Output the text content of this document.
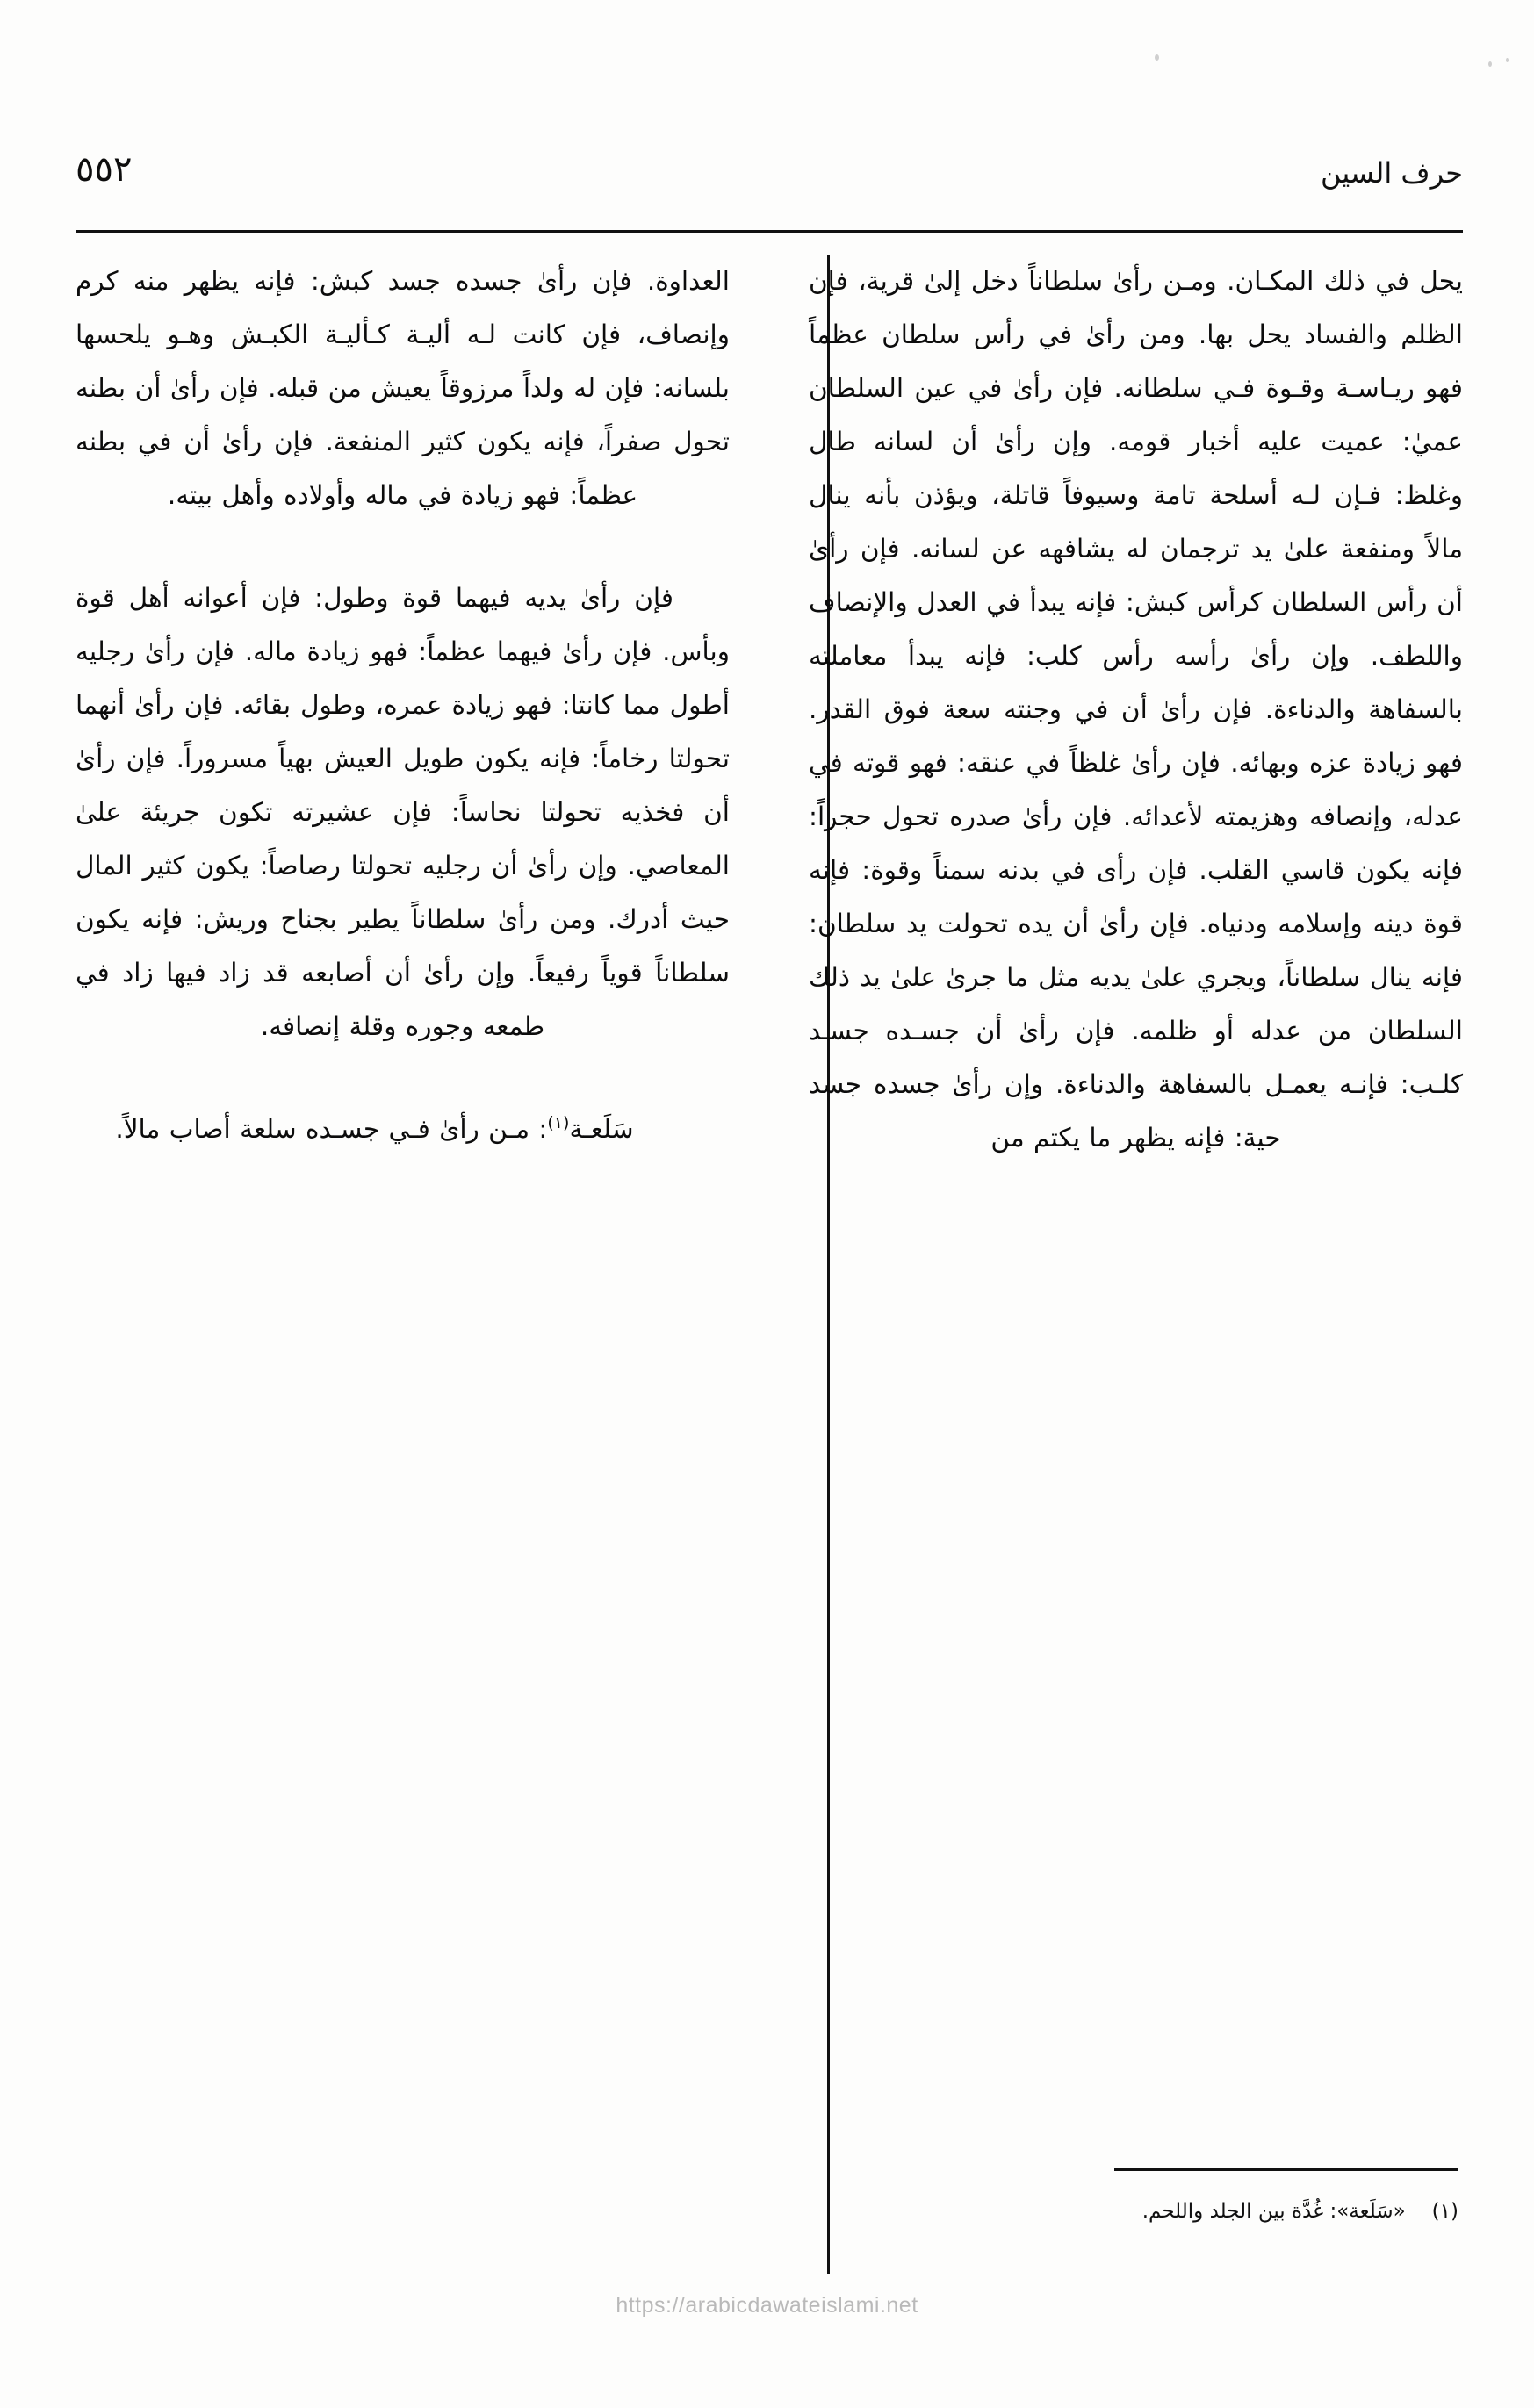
حرف السين
٥٥٢

يحل في ذلك المكـان. ومـن رأىٰ سلطاناً دخل إلىٰ قرية، فإن الظلم والفساد يحل بها. ومن رأىٰ في رأس سلطان عظماً فهو ريـاسـة وقـوة فـي سلطانه. فإن رأىٰ في عين السلطان عميٰ: عميت عليه أخبار قومه. وإن رأىٰ أن لسانه طال وغلظ: فـإن لـه أسلحة تامة وسيوفاً قاتلة، ويؤذن بأنه ينال مالاً ومنفعة علىٰ يد ترجمان له يشافهه عن لسانه. فإن رأىٰ أن رأس السلطان كرأس كبش: فإنه يبدأ في العدل والإنصاف واللطف. وإن رأىٰ رأسه رأس كلب: فإنه يبدأ معاملته بالسفاهة والدناءة. فإن رأىٰ أن في وجنته سعة فوق القدر. فهو زيادة عزه وبهائه. فإن رأىٰ غلظاً في عنقه: فهو قوته في عدله، وإنصافه وهزيمته لأعدائه. فإن رأىٰ صدره تحول حجراً: فإنه يكون قاسي القلب. فإن رأى في بدنه سمناً وقوة: فإنه قوة دينه وإسلامه ودنياه. فإن رأىٰ أن يده تحولت يد سلطان: فإنه ينال سلطاناً، ويجري علىٰ يديه مثل ما جرىٰ علىٰ يد ذلك السلطان من عدله أو ظلمه. فإن رأىٰ أن جسـده جسـد كلـب: فإنـه يعمـل بالسفاهة والدناءة. وإن رأىٰ جسده جسد حية: فإنه يظهر ما يكتم من

العداوة. فإن رأىٰ جسده جسد كبش: فإنه يظهر منه كرم وإنصاف، فإن كانت لـه أليـة كـأليـة الكبـش وهـو يلحسها بلسانه: فإن له ولداً مرزوقاً يعيش من قبله. فإن رأىٰ أن بطنه تحول صفراً، فإنه يكون كثير المنفعة. فإن رأىٰ أن في بطنه عظماً: فهو زيادة في ماله وأولاده وأهل بيته.

فإن رأىٰ يديه فيهما قوة وطول: فإن أعوانه أهل قوة وبأس. فإن رأىٰ فيهما عظماً: فهو زيادة ماله. فإن رأىٰ رجليه أطول مما كانتا: فهو زيادة عمره، وطول بقائه. فإن رأىٰ أنهما تحولتا رخاماً: فإنه يكون طويل العيش بهياً مسروراً. فإن رأىٰ أن فخذيه تحولتا نحاساً: فإن عشيرته تكون جريئة علىٰ المعاصي. وإن رأىٰ أن رجليه تحولتا رصاصاً: يكون كثير المال حيث أدرك. ومن رأىٰ سلطاناً يطير بجناح وريش: فإنه يكون سلطاناً قوياً رفيعاً. وإن رأىٰ أن أصابعه قد زاد فيها زاد في طمعه وجوره وقلة إنصافه.

سَلَعـة$^{(١)}$: مـن رأىٰ فـي جسـده سلعة أصاب مالاً.

(١)«سَلَعة»: غُدَّة بين الجلد واللحم.
https://arabicdawateislami.net
